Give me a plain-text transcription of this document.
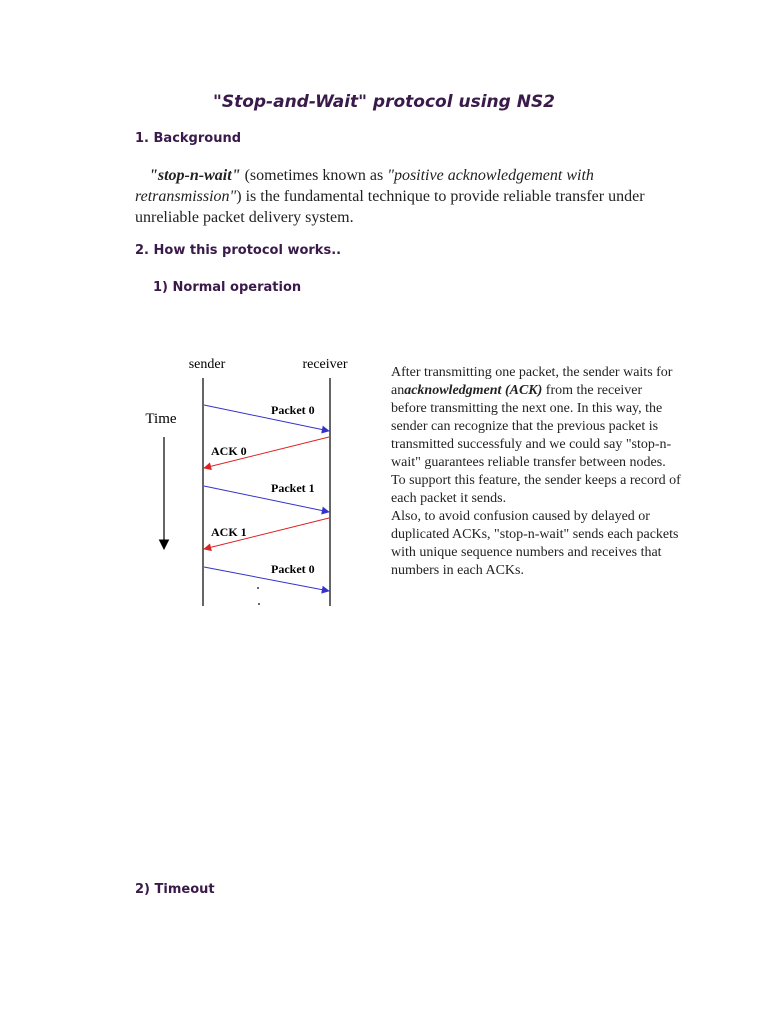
"Stop-and-Wait" protocol using NS2
1. Background
"stop-n-wait" (sometimes known as "positive acknowledgement with retransmission") is the fundamental technique to provide reliable transfer under unreliable packet delivery system.
2. How this protocol works..
1) Normal operation
sender	receiver
Time
Packet 0
ACK 0
Packet 1
ACK 1
Packet 0
After transmitting one packet, the sender waits for anacknowledgment (ACK) from the receiver before transmitting the next one. In this way, the sender can recognize that the previous packet is transmitted successfuly and we could say "stop-n-wait" guarantees reliable transfer between nodes.
To support this feature, the sender keeps a record of each packet it sends.
Also, to avoid confusion caused by delayed or duplicated ACKs, "stop-n-wait" sends each packets with unique sequence numbers and receives that numbers in each ACKs.
2) Timeout
